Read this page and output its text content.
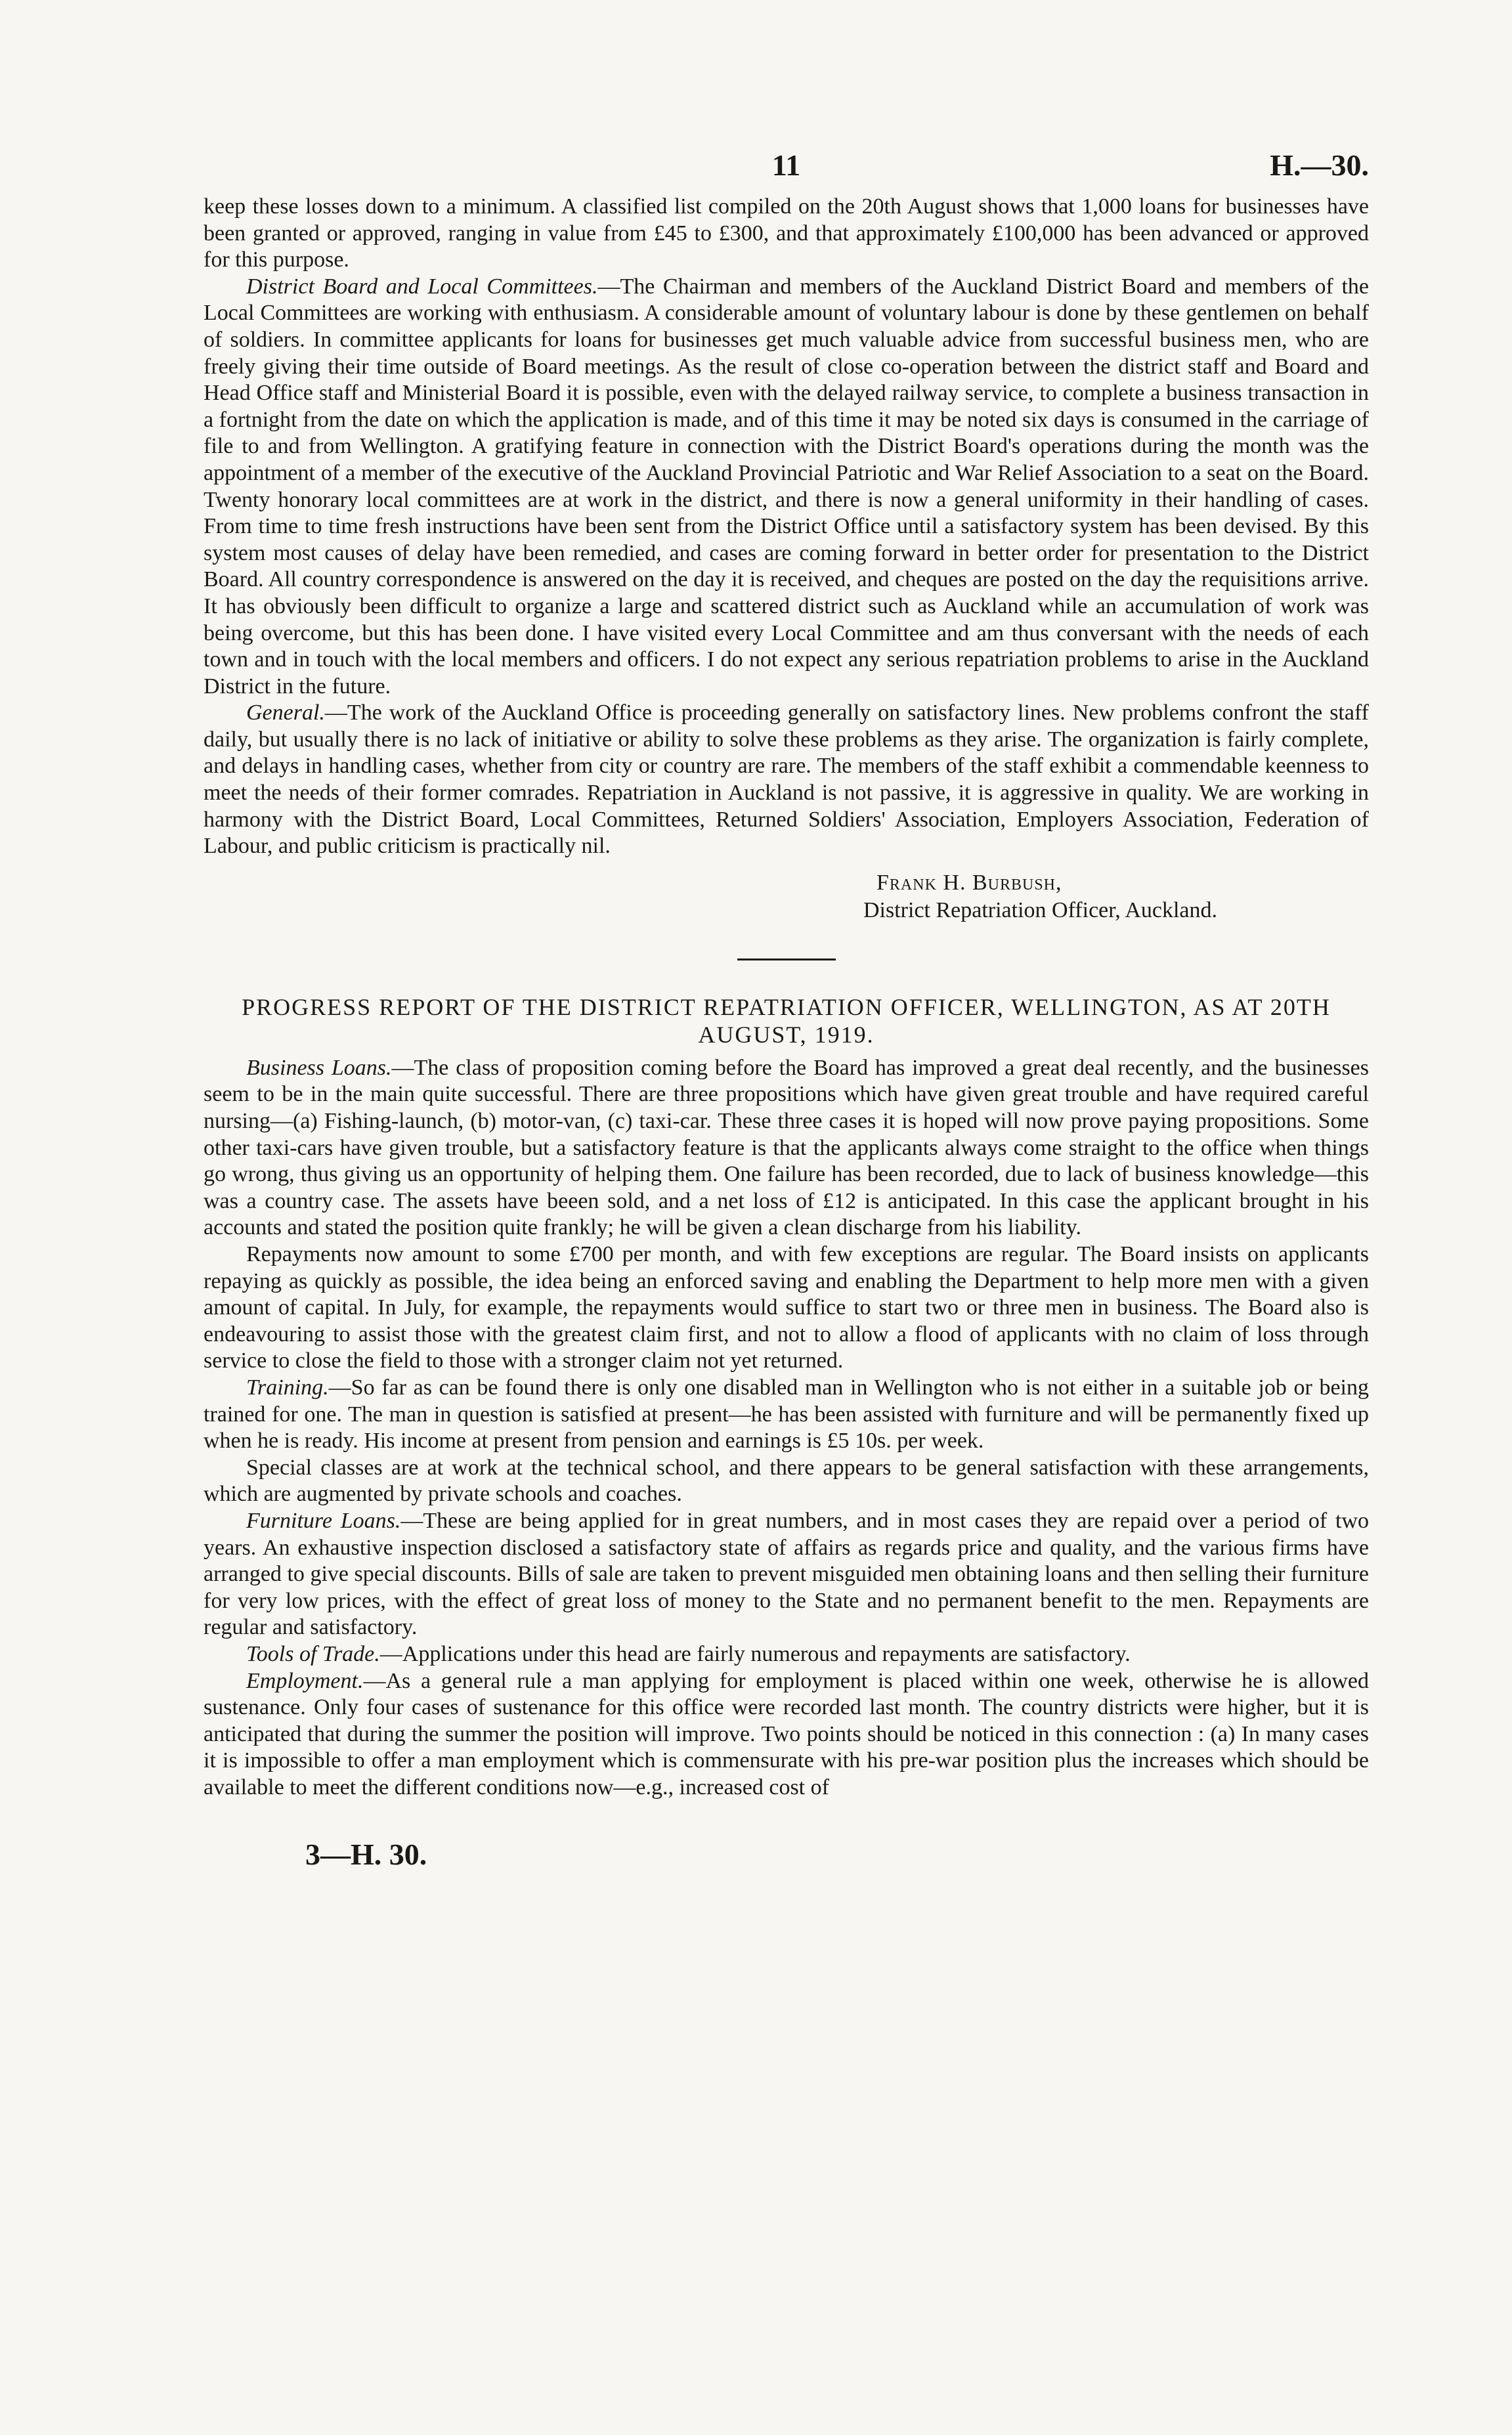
11	H.—30.

keep these losses down to a minimum. A classified list compiled on the 20th August shows that 1,000 loans for businesses have been granted or approved, ranging in value from £45 to £300, and that approximately £100,000 has been advanced or approved for this purpose.

District Board and Local Committees.—The Chairman and members of the Auckland District Board and members of the Local Committees are working with enthusiasm. A considerable amount of voluntary labour is done by these gentlemen on behalf of soldiers. In committee applicants for loans for businesses get much valuable advice from successful business men, who are freely giving their time outside of Board meetings. As the result of close co-operation between the district staff and Board and Head Office staff and Ministerial Board it is possible, even with the delayed railway service, to complete a business transaction in a fortnight from the date on which the application is made, and of this time it may be noted six days is consumed in the carriage of file to and from Wellington. A gratifying feature in connection with the District Board's operations during the month was the appointment of a member of the executive of the Auckland Provincial Patriotic and War Relief Association to a seat on the Board. Twenty honorary local committees are at work in the district, and there is now a general uniformity in their handling of cases. From time to time fresh instructions have been sent from the District Office until a satisfactory system has been devised. By this system most causes of delay have been remedied, and cases are coming forward in better order for presentation to the District Board. All country correspondence is answered on the day it is received, and cheques are posted on the day the requisitions arrive. It has obviously been difficult to organize a large and scattered district such as Auckland while an accumulation of work was being overcome, but this has been done. I have visited every Local Committee and am thus conversant with the needs of each town and in touch with the local members and officers. I do not expect any serious repatriation problems to arise in the Auckland District in the future.

General.—The work of the Auckland Office is proceeding generally on satisfactory lines. New problems confront the staff daily, but usually there is no lack of initiative or ability to solve these problems as they arise. The organization is fairly complete, and delays in handling cases, whether from city or country are rare. The members of the staff exhibit a commendable keenness to meet the needs of their former comrades. Repatriation in Auckland is not passive, it is aggressive in quality. We are working in harmony with the District Board, Local Committees, Returned Soldiers' Association, Employers Association, Federation of Labour, and public criticism is practically nil.

Frank H. Burbush,
District Repatriation Officer, Auckland.
PROGRESS REPORT OF THE DISTRICT REPATRIATION OFFICER, WELLINGTON, AS AT 20TH AUGUST, 1919.

Business Loans.—The class of proposition coming before the Board has improved a great deal recently, and the businesses seem to be in the main quite successful. There are three propositions which have given great trouble and have required careful nursing—(a) Fishing-launch, (b) motor-van, (c) taxi-car. These three cases it is hoped will now prove paying propositions. Some other taxi-cars have given trouble, but a satisfactory feature is that the applicants always come straight to the office when things go wrong, thus giving us an opportunity of helping them. One failure has been recorded, due to lack of business knowledge—this was a country case. The assets have beeen sold, and a net loss of £12 is anticipated. In this case the applicant brought in his accounts and stated the position quite frankly; he will be given a clean discharge from his liability.

Repayments now amount to some £700 per month, and with few exceptions are regular. The Board insists on applicants repaying as quickly as possible, the idea being an enforced saving and enabling the Department to help more men with a given amount of capital. In July, for example, the repayments would suffice to start two or three men in business. The Board also is endeavouring to assist those with the greatest claim first, and not to allow a flood of applicants with no claim of loss through service to close the field to those with a stronger claim not yet returned.

Training.—So far as can be found there is only one disabled man in Wellington who is not either in a suitable job or being trained for one. The man in question is satisfied at present—he has been assisted with furniture and will be permanently fixed up when he is ready. His income at present from pension and earnings is £5 10s. per week.

Special classes are at work at the technical school, and there appears to be general satisfaction with these arrangements, which are augmented by private schools and coaches.

Furniture Loans.—These are being applied for in great numbers, and in most cases they are repaid over a period of two years. An exhaustive inspection disclosed a satisfactory state of affairs as regards price and quality, and the various firms have arranged to give special discounts. Bills of sale are taken to prevent misguided men obtaining loans and then selling their furniture for very low prices, with the effect of great loss of money to the State and no permanent benefit to the men. Repayments are regular and satisfactory.

Tools of Trade.—Applications under this head are fairly numerous and repayments are satisfactory.

Employment.—As a general rule a man applying for employment is placed within one week, otherwise he is allowed sustenance. Only four cases of sustenance for this office were recorded last month. The country districts were higher, but it is anticipated that during the summer the position will improve. Two points should be noticed in this connection : (a) In many cases it is impossible to offer a man employment which is commensurate with his pre-war position plus the increases which should be available to meet the different conditions now—e.g., increased cost of

3—H. 30.
